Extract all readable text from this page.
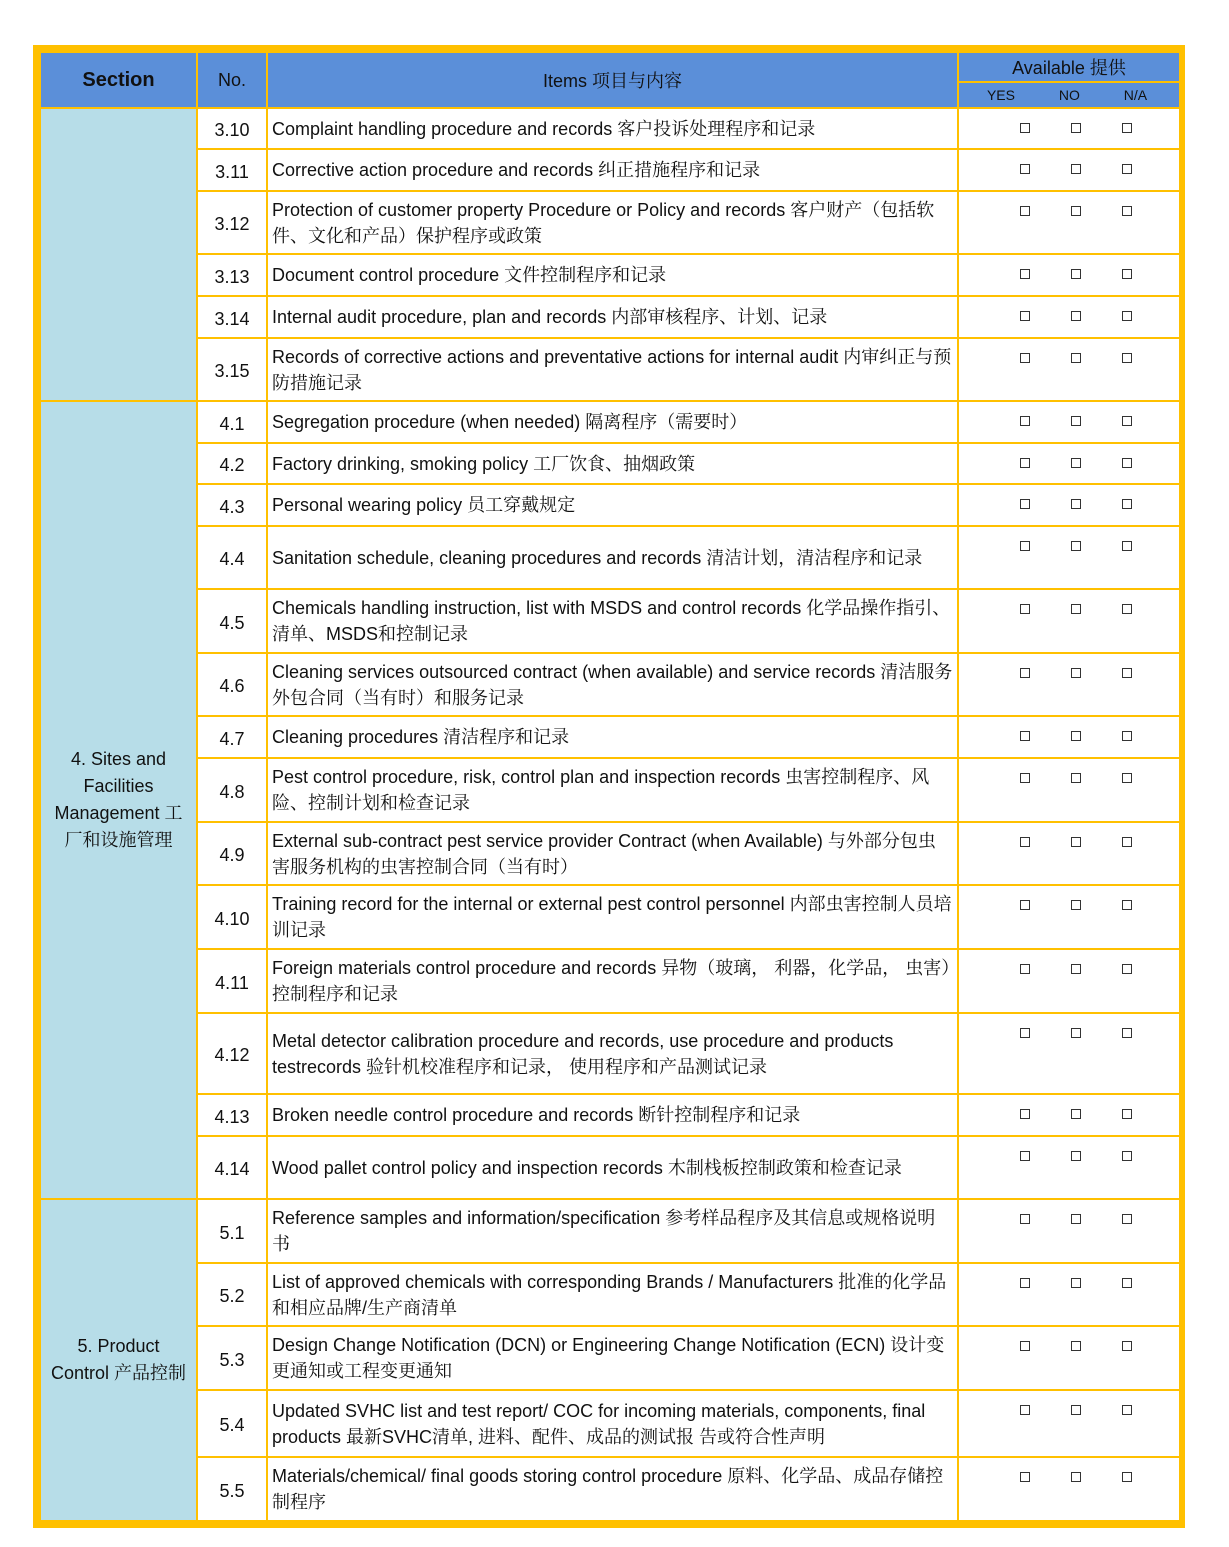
Section	No.	Items 项目与内容	Available 提供

			YES NO N/A

	3.10	Complaint handling procedure and records 客户投诉处理程序和记录	

	3.11	Corrective action procedure and records 纠正措施程序和记录	

	3.12	Protection of customer property Procedure or Policy and records 客户财产（包括软件、文化和产品）保护程序或政策	

	3.13	Document control procedure 文件控制程序和记录	

	3.14	Internal audit procedure, plan and records 内部审核程序、计划、记录	

	3.15	Records of corrective actions and preventative actions for internal audit 内审纠正与预防措施记录	

4. Sites and Facilities Management 工厂和设施管理	4.1	Segregation procedure (when needed) 隔离程序（需要时）	

	4.2	Factory drinking, smoking policy 工厂饮食、抽烟政策	

	4.3	Personal wearing policy 员工穿戴规定	

	4.4	Sanitation schedule, cleaning procedures and records 清洁计划，清洁程序和记录	

	4.5	Chemicals handling instruction, list with MSDS and control records 化学品操作指引、清单、MSDS和控制记录	

	4.6	Cleaning services outsourced contract (when available) and service records 清洁服务外包合同（当有时）和服务记录	

	4.7	Cleaning procedures 清洁程序和记录	

	4.8	Pest control procedure, risk, control plan and inspection records 虫害控制程序、风险、控制计划和检查记录	

	4.9	External sub-contract pest service provider Contract (when Available) 与外部分包虫害服务机构的虫害控制合同（当有时）	

	4.10	Training record for the internal or external pest control personnel 内部虫害控制人员培训记录	

	4.11	Foreign materials control procedure and records 异物（玻璃， 利器，化学品， 虫害）控制程序和记录	

	4.12	Metal detector calibration procedure and records, use procedure and products testrecords 验针机校准程序和记录， 使用程序和产品测试记录	

	4.13	Broken needle control procedure and records 断针控制程序和记录	

	4.14	Wood pallet control policy and inspection records 木制栈板控制政策和检查记录	

5. Product Control 产品控制	5.1	Reference samples and information/specification 参考样品程序及其信息或规格说明书	

	5.2	List of approved chemicals with corresponding Brands / Manufacturers 批准的化学品和相应品牌/生产商清单	

	5.3	Design Change Notification (DCN) or Engineering Change Notification (ECN) 设计变更通知或工程变更通知	

	5.4	Updated SVHC list and test report/ COC for incoming materials, components, final products 最新SVHC清单, 进料、配件、成品的测试报 告或符合性声明	

	5.5	Materials/chemical/ final goods storing control procedure 原料、化学品、成品存储控制程序	
